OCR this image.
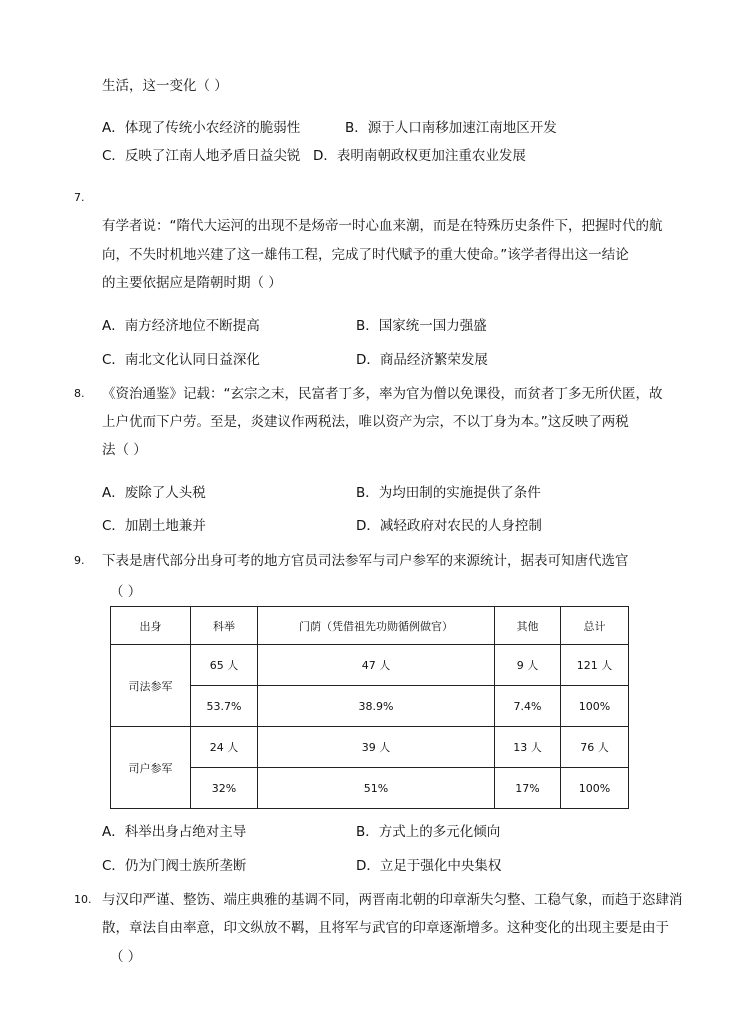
生活，这一变化（ ）
A．体现了传统小农经济的脆弱性	B．源于人口南移加速江南地区开发
C．反映了江南人地矛盾日益尖锐 D．表明南朝政权更加注重农业发展
7.
有学者说：“隋代大运河的出现不是炀帝一时心血来潮，而是在特殊历史条件下，把握时代的航
向，不失时机地兴建了这一雄伟工程，完成了时代赋予的重大使命。”该学者得出这一结论
的主要依据应是隋朝时期（ ）
A．南方经济地位不断提高	B．国家统一国力强盛
C．南北文化认同日益深化	D．商品经济繁荣发展
8. 《资治通鉴》记载：“玄宗之末，民富者丁多，率为官为僧以免课役，而贫者丁多无所伏匿，故
上户优而下户劳。至是，炎建议作两税法，唯以资产为宗，不以丁身为本。”这反映了两税
法（ ）
A．废除了人头税	B．为均田制的实施提供了条件
C．加剧土地兼并	D．减轻政府对农民的人身控制
9. 下表是唐代部分出身可考的地方官员司法参军与司户参军的来源统计，据表可知唐代选官
（ ）
出身	科举	门荫（凭借祖先功勋循例做官）	其他	总计
司法参军	65 人	47 人	9 人	121 人
	53.7%	38.9%	7.4%	100%
司户参军	24 人	39 人	13 人	76 人
	32%	51%	17%	100%
A．科举出身占绝对主导	B．方式上的多元化倾向
C．仍为门阀士族所垄断	D．立足于强化中央集权
10. 与汉印严谨、整饬、端庄典雅的基调不同，两晋南北朝的印章渐失匀整、工稳气象，而趋于恣肆消
散，章法自由率意，印文纵放不羁，且将军与武官的印章逐渐增多。这种变化的出现主要是由于
（ ）
